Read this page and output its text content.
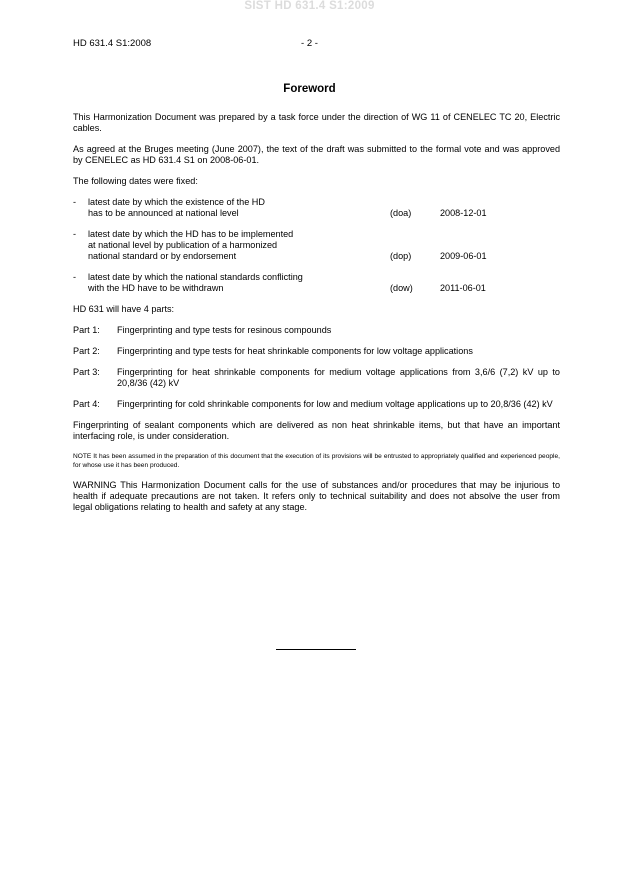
SIST HD 631.4 S1:2009
HD 631.4 S1:2008	- 2 -
Foreword

This Harmonization Document was prepared by a task force under the direction of WG 11 of CENELEC TC 20, Electric cables.

As agreed at the Bruges meeting (June 2007), the text of the draft was submitted to the formal vote and was approved by CENELEC as HD 631.4 S1 on 2008-06-01.

The following dates were fixed:

-	latest date by which the existence of the HD
has to be announced at national level	(doa)	2008-12-01
-	latest date by which the HD has to be implemented
at national level by publication of a harmonized
national standard or by endorsement	(dop)	2009-06-01
-	latest date by which the national standards conflicting
with the HD have to be withdrawn	(dow)	2011-06-01

HD 631 will have 4 parts:

Part 1:	Fingerprinting and type tests for resinous compounds
Part 2:	Fingerprinting and type tests for heat shrinkable components for low voltage applications
Part 3:	Fingerprinting for heat shrinkable components for medium voltage applications from 3,6/6 (7,2) kV up to 20,8/36 (42) kV
Part 4:	Fingerprinting for cold shrinkable components for low and medium voltage applications up to 20,8/36 (42) kV

Fingerprinting of sealant components which are delivered as non heat shrinkable items, but that have an important interfacing role, is under consideration.

NOTE It has been assumed in the preparation of this document that the execution of its provisions will be entrusted to appropriately qualified and experienced people, for whose use it has been produced.

WARNING This Harmonization Document calls for the use of substances and/or procedures that may be injurious to health if adequate precautions are not taken. It refers only to technical suitability and does not absolve the user from legal obligations relating to health and safety at any stage.
